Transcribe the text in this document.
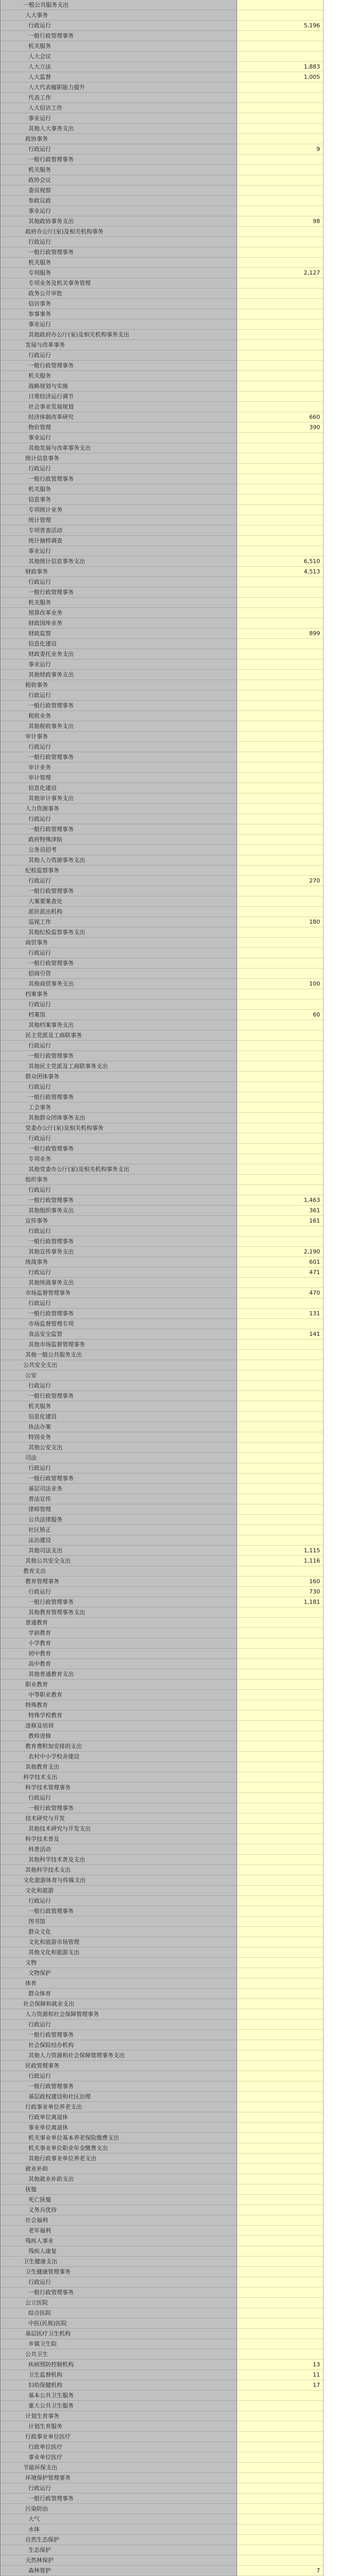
一般公共服务支出
人大事务
行政运行	5,196
一般行政管理事务
机关服务
人大会议
人大立法	1,883
人大监督	1,005
人大代表履职能力提升
代表工作
人大信访工作
事业运行
其他人大事务支出
政协事务
行政运行	9
一般行政管理事务
机关服务
政协会议
委员视察
参政议政
事业运行
其他政协事务支出	98
政府办公厅(室)及相关机构事务
行政运行
一般行政管理事务
机关服务
专项服务	2,127
专项业务及机关事务管理
政务公开审批
信访事务
参事事务
事业运行
其他政府办公厅(室)及相关机构事务支出
发展与改革事务
行政运行
一般行政管理事务
机关服务
战略规划与实施
日常经济运行调节
社会事业发展规划
经济体制改革研究	660
物价管理	390
事业运行
其他发展与改革事务支出
统计信息事务
行政运行
一般行政管理事务
机关服务
信息事务
专项统计业务
统计管理
专项普查活动
统计抽样调查
事业运行
其他统计信息事务支出	6,510
财政事务	4,513
行政运行
一般行政管理事务
机关服务
预算改革业务
财政国库业务
财政监察	899
信息化建设
财政委托业务支出
事业运行
其他财政事务支出
税收事务
行政运行
一般行政管理事务
税收业务
其他税收事务支出
审计事务
行政运行
一般行政管理事务
审计业务
审计管理
信息化建设
其他审计事务支出
人力资源事务
行政运行
一般行政管理事务
政府特殊津贴
公务员招考
其他人力资源事务支出
纪检监察事务
行政运行	270
一般行政管理事务
大案要案查处
派驻派出机构
巡视工作	180
其他纪检监察事务支出
商贸事务
行政运行
一般行政管理事务
招商引资
其他商贸事务支出	100
档案事务
行政运行
档案馆	60
其他档案事务支出
民主党派及工商联事务
行政运行
一般行政管理事务
其他民主党派及工商联事务支出
群众团体事务
行政运行
一般行政管理事务
工会事务
其他群众团体事务支出
党委办公厅(室)及相关机构事务
行政运行
一般行政管理事务
专项业务
其他党委办公厅(室)及相关机构事务支出
组织事务
行政运行
一般行政管理事务	1,463
其他组织事务支出	361
宣传事务	161
行政运行
一般行政管理事务
其他宣传事务支出	2,190
统战事务	601
行政运行	471
其他统战事务支出
市场监督管理事务	470
行政运行
一般行政管理事务	131
市场监督管理专项
食品安全监管	141
其他市场监督管理事务
其他一般公共服务支出
公共安全支出
公安
行政运行
一般行政管理事务
机关服务
信息化建设
执法办案
特别业务
其他公安支出
司法
行政运行
一般行政管理事务
基层司法业务
普法宣传
律师管理
公共法律服务
社区矫正
法治建设
其他司法支出	1,115
其他公共安全支出	1,116
教育支出
教育管理事务	160
行政运行	730
一般行政管理事务	1,181
其他教育管理事务支出
普通教育
学前教育
小学教育
初中教育
高中教育
其他普通教育支出
职业教育
中等职业教育
特殊教育
特殊学校教育
进修及培训
教师进修
教育费附加安排的支出
农村中小学校舍建设
其他教育支出
科学技术支出
科学技术管理事务
行政运行
一般行政管理事务
技术研究与开发
其他技术研究与开发支出
科学技术普及
科普活动
其他科学技术普及支出
其他科学技术支出
文化旅游体育与传媒支出
文化和旅游
行政运行
一般行政管理事务
图书馆
群众文化
文化和旅游市场管理
其他文化和旅游支出
文物
文物保护
体育
群众体育
社会保障和就业支出
人力资源和社会保障管理事务
行政运行
一般行政管理事务
社会保险经办机构
其他人力资源和社会保障管理事务支出
民政管理事务
行政运行
一般行政管理事务
基层政权建设和社区治理
行政事业单位养老支出
行政单位离退休
事业单位离退休
机关事业单位基本养老保险缴费支出
机关事业单位职业年金缴费支出
其他行政事业单位养老支出
就业补助
其他就业补助支出
抚恤
死亡抚恤
义务兵优待
社会福利
老年福利
残疾人事业
残疾人康复
卫生健康支出
卫生健康管理事务
行政运行
一般行政管理事务
公立医院
综合医院
中医(民族)医院
基层医疗卫生机构
乡镇卫生院
公共卫生
疾病预防控制机构	13
卫生监督机构	11
妇幼保健机构	17
基本公共卫生服务
重大公共卫生服务
计划生育事务
计划生育服务
行政事业单位医疗
行政单位医疗
事业单位医疗
节能环保支出
环境保护管理事务
行政运行
一般行政管理事务
污染防治
大气
水体
自然生态保护
生态保护
天然林保护
森林管护	7
